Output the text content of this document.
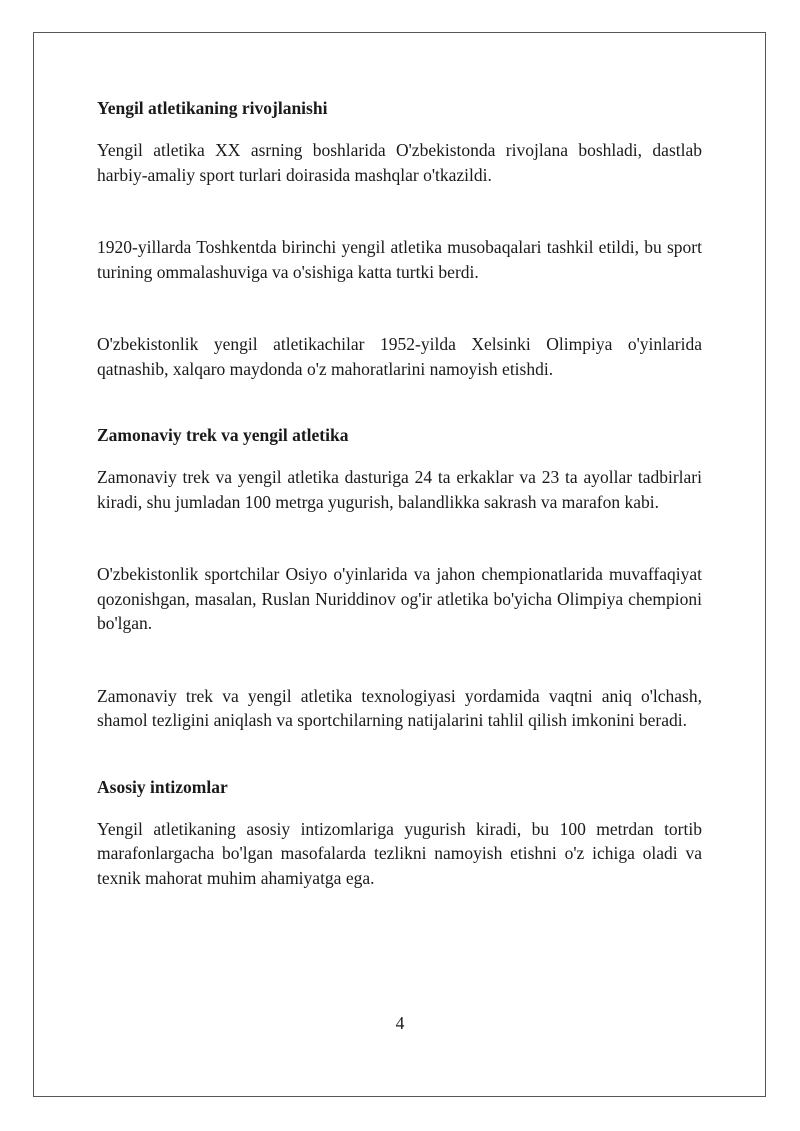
Yengil atletikaning rivojlanishi

Yengil atletika XX asrning boshlarida O'zbekistonda rivojlana boshladi, dastlab harbiy-amaliy sport turlari doirasida mashqlar o'tkazildi.

1920-yillarda Toshkentda birinchi yengil atletika musobaqalari tashkil etildi, bu sport turining ommalashuviga va o'sishiga katta turtki berdi.

O'zbekistonlik yengil atletikachilar 1952-yilda Xelsinki Olimpiya o'yinlarida qatnashib, xalqaro maydonda o'z mahoratlarini namoyish etishdi.

Zamonaviy trek va yengil atletika

Zamonaviy trek va yengil atletika dasturiga 24 ta erkaklar va 23 ta ayollar tadbirlari kiradi, shu jumladan 100 metrga yugurish, balandlikka sakrash va marafon kabi.

O'zbekistonlik sportchilar Osiyo o'yinlarida va jahon chempionatlarida muvaffaqiyat qozonishgan, masalan, Ruslan Nuriddinov og'ir atletika bo'yicha Olimpiya chempioni bo'lgan.

Zamonaviy trek va yengil atletika texnologiyasi yordamida vaqtni aniq o'lchash, shamol tezligini aniqlash va sportchilarning natijalarini tahlil qilish imkonini beradi.

Asosiy intizomlar

Yengil atletikaning asosiy intizomlariga yugurish kiradi, bu 100 metrdan tortib marafonlargacha bo'lgan masofalarda tezlikni namoyish etishni o'z ichiga oladi va texnik mahorat muhim ahamiyatga ega.

4
